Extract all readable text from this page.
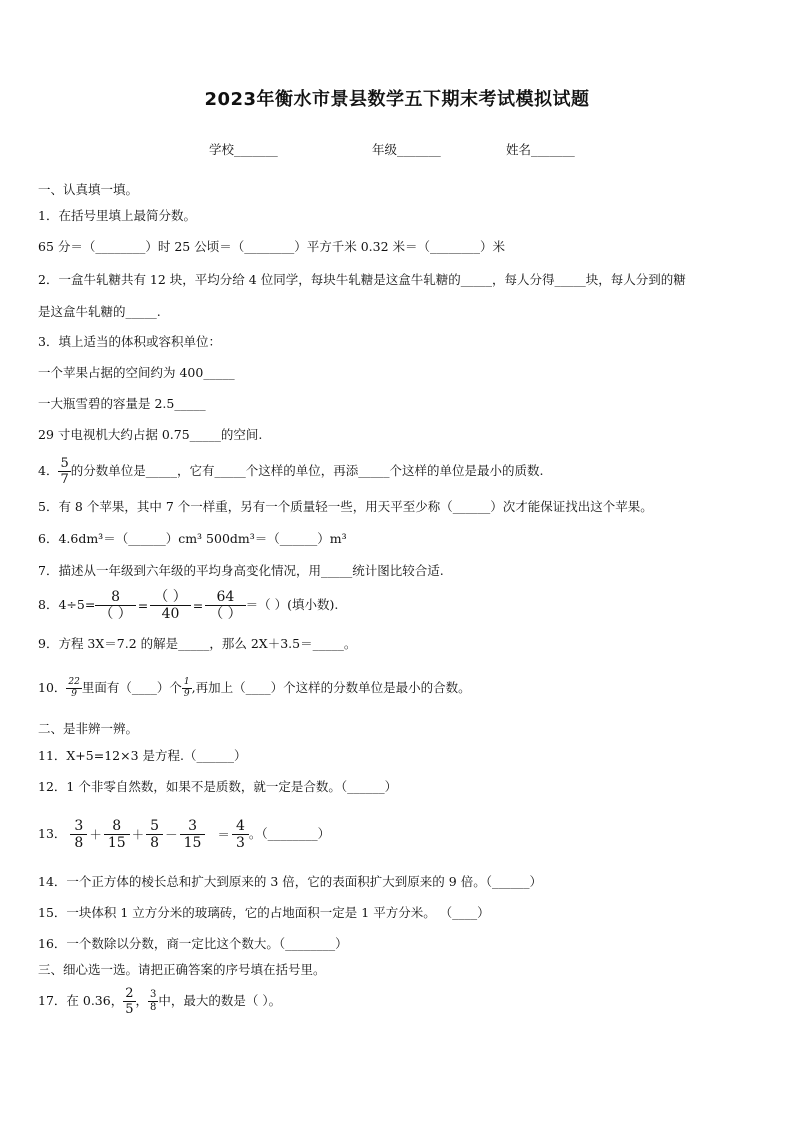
2023年衡水市景县数学五下期末考试模拟试题
学校_______	年级_______	姓名_______
一、认真填一填。
1．在括号里填上最简分数。
65 分＝（________）时 25 公顷＝（________）平方千米 0.32 米＝（________）米
2．一盒牛轧糖共有 12 块，平均分给 4 位同学，每块牛轧糖是这盒牛轧糖的_____，每人分得_____块，每人分到的糖
是这盒牛轧糖的_____.
3．填上适当的体积或容积单位：
一个苹果占据的空间约为 400_____
一大瓶雪碧的容量是 2.5_____
29 寸电视机大约占据 0.75_____的空间.
4． $\frac{5}{7}$ 的分数单位是_____，它有_____个这样的单位，再添_____个这样的单位是最小的质数.
5．有 8 个苹果，其中 7 个一样重，另有一个质量轻一些，用天平至少称（______）次才能保证找出这个苹果。
6．4.6dm³＝（______）cm³ 500dm³＝（______）m³
7．描述从一年级到六年级的平均身高变化情况，用_____统计图比较合适.
8．$4\div 5= \frac{8}{( )} = \frac{( )}{40} = \frac{64}{( )}$ ＝（ ）(填小数).
9．方程 3X＝7.2 的解是_____，那么 2X＋3.5＝_____。
10． $\frac{22}{9}$ 里面有（____）个 $\frac{1}{9}$ ,再加上（____）个这样的分数单位是最小的合数。
二、是非辨一辨。
11．X+5=12×3 是方程.（______）
12．1 个非零自然数，如果不是质数，就一定是合数。（______）
13． $\frac{3}{8} + \frac{8}{15} + \frac{5}{8} - \frac{3}{15} = \frac{4}{3}$ 。（________）
14．一个正方体的棱长总和扩大到原来的 3 倍，它的表面积扩大到原来的 9 倍。（______）
15．一块体积 1 立方分米的玻璃砖，它的占地面积一定是 1 平方分米。 （____）
16．一个数除以分数，商一定比这个数大。（________）
三、细心选一选。请把正确答案的序号填在括号里。
17．在 0.36， $\frac{2}{5}$ ， $\frac{3}{8}$ 中，最大的数是（ ）。
